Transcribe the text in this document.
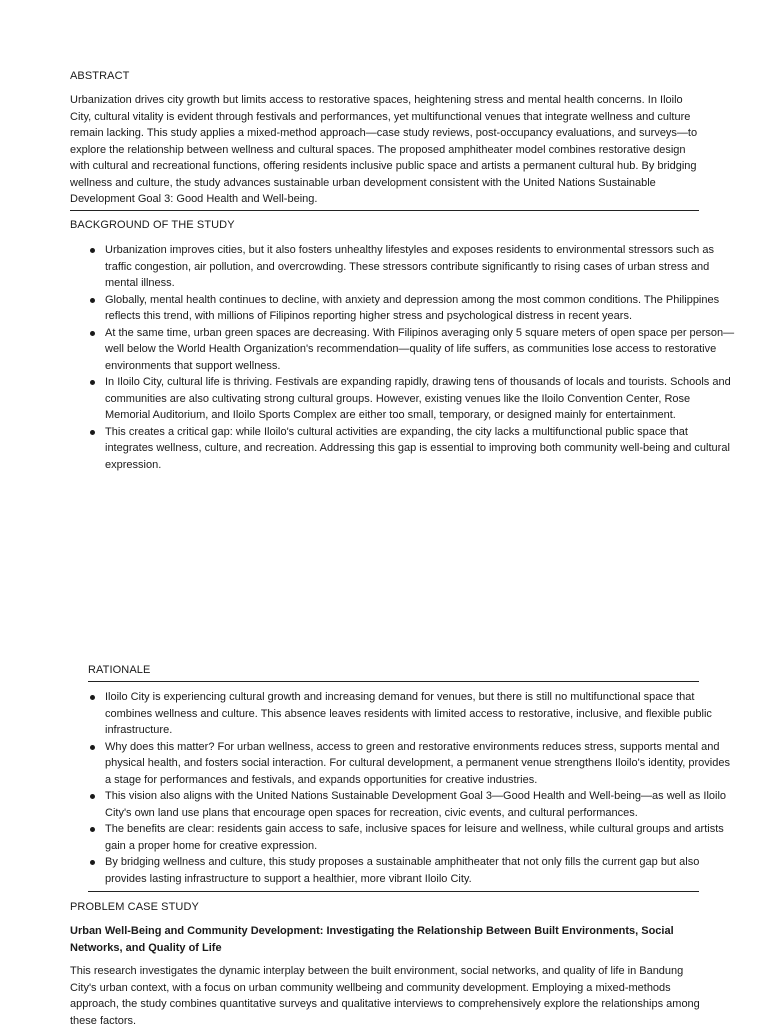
ABSTRACT

Urbanization drives city growth but limits access to restorative spaces, heightening stress and mental health concerns. In Iloilo City, cultural vitality is evident through festivals and performances, yet multifunctional venues that integrate wellness and culture remain lacking. This study applies a mixed-method approach—case study reviews, post-occupancy evaluations, and surveys—to explore the relationship between wellness and cultural spaces. The proposed amphitheater model combines restorative design with cultural and recreational functions, offering residents inclusive public space and artists a permanent cultural hub. By bridging wellness and culture, the study advances sustainable urban development consistent with the United Nations Sustainable Development Goal 3: Good Health and Well-being.

BACKGROUND OF THE STUDY
Urbanization improves cities, but it also fosters unhealthy lifestyles and exposes residents to environmental stressors such as traffic congestion, air pollution, and overcrowding. These stressors contribute significantly to rising cases of urban stress and mental illness.
Globally, mental health continues to decline, with anxiety and depression among the most common conditions. The Philippines reflects this trend, with millions of Filipinos reporting higher stress and psychological distress in recent years.
At the same time, urban green spaces are decreasing. With Filipinos averaging only 5 square meters of open space per person—well below the World Health Organization's recommendation—quality of life suffers, as communities lose access to restorative environments that support wellness.
In Iloilo City, cultural life is thriving. Festivals are expanding rapidly, drawing tens of thousands of locals and tourists. Schools and communities are also cultivating strong cultural groups. However, existing venues like the Iloilo Convention Center, Rose Memorial Auditorium, and Iloilo Sports Complex are either too small, temporary, or designed mainly for entertainment.
This creates a critical gap: while Iloilo's cultural activities are expanding, the city lacks a multifunctional public space that integrates wellness, culture, and recreation. Addressing this gap is essential to improving both community well-being and cultural expression.
RATIONALE
Iloilo City is experiencing cultural growth and increasing demand for venues, but there is still no multifunctional space that combines wellness and culture. This absence leaves residents with limited access to restorative, inclusive, and flexible public infrastructure.
Why does this matter? For urban wellness, access to green and restorative environments reduces stress, supports mental and physical health, and fosters social interaction. For cultural development, a permanent venue strengthens Iloilo's identity, provides a stage for performances and festivals, and expands opportunities for creative industries.
This vision also aligns with the United Nations Sustainable Development Goal 3—Good Health and Well-being—as well as Iloilo City's own land use plans that encourage open spaces for recreation, civic events, and cultural performances.
The benefits are clear: residents gain access to safe, inclusive spaces for leisure and wellness, while cultural groups and artists gain a proper home for creative expression.
By bridging wellness and culture, this study proposes a sustainable amphitheater that not only fills the current gap but also provides lasting infrastructure to support a healthier, more vibrant Iloilo City.
PROBLEM CASE STUDY

Urban Well-Being and Community Development: Investigating the Relationship Between Built Environments, Social Networks, and Quality of Life

This research investigates the dynamic interplay between the built environment, social networks, and quality of life in Bandung City's urban context, with a focus on urban community wellbeing and community development. Employing a mixed-methods approach, the study combines quantitative surveys and qualitative interviews to comprehensively explore the relationships among these factors.
